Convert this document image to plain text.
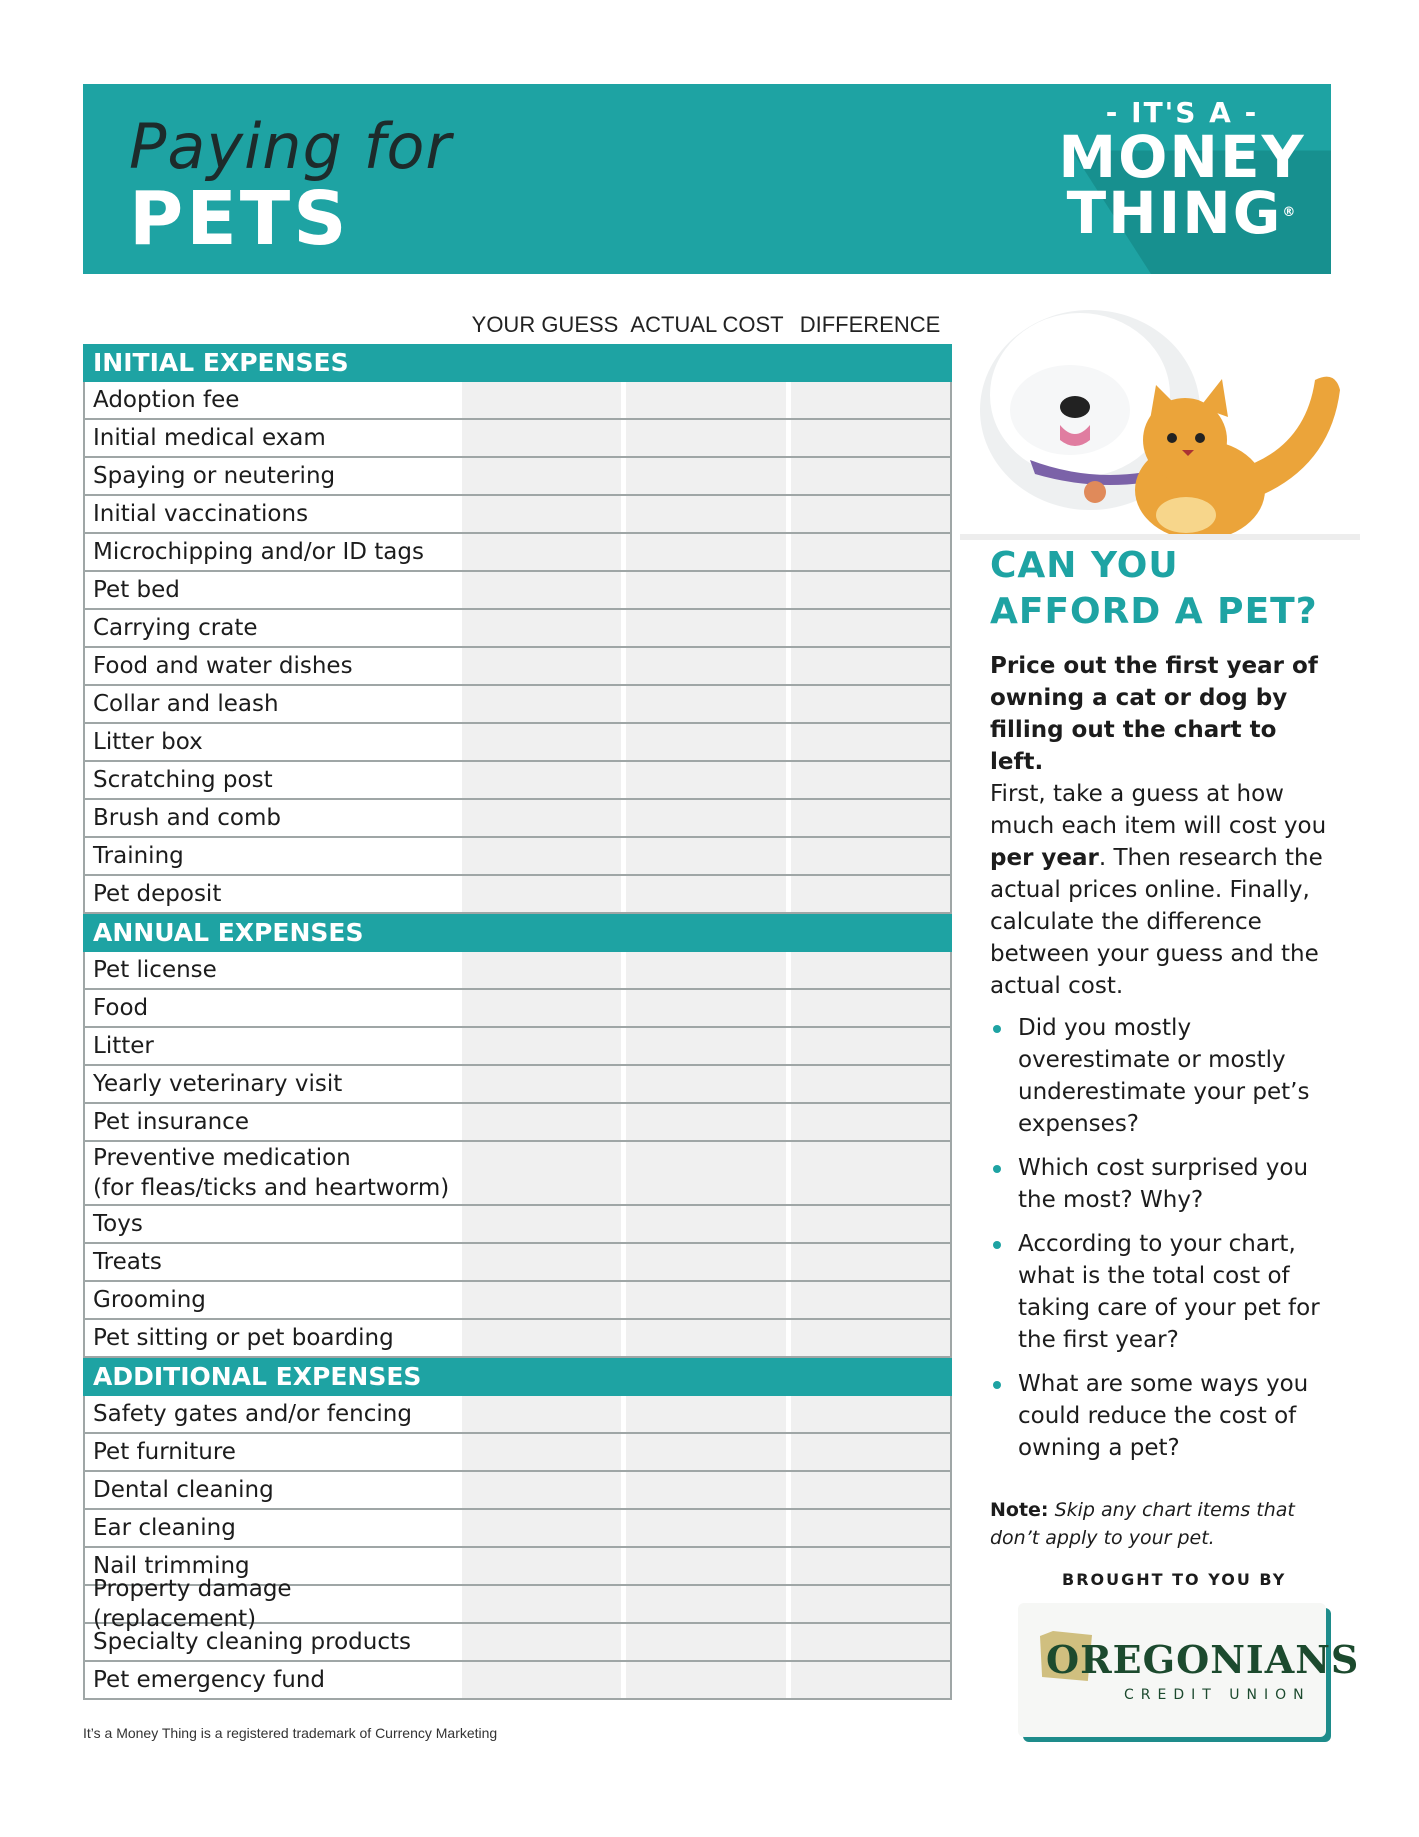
Paying for
PETS
- IT'S A -
MONEY
THING®
YOUR GUESS ACTUAL COST DIFFERENCE
INITIAL EXPENSES
Adoption fee
Initial medical exam
Spaying or neutering
Initial vaccinations
Microchipping and/or ID tags
Pet bed
Carrying crate
Food and water dishes
Collar and leash
Litter box
Scratching post
Brush and comb
Training
Pet deposit
ANNUAL EXPENSES
Pet license
Food
Litter
Yearly veterinary visit
Pet insurance
Preventive medication
(for fleas/ticks and heartworm)
Toys
Treats
Grooming
Pet sitting or pet boarding
ADDITIONAL EXPENSES
Safety gates and/or fencing
Pet furniture
Dental cleaning
Ear cleaning
Nail trimming
Property damage (replacement)
Specialty cleaning products
Pet emergency fund
CAN YOU
AFFORD A PET?
Price out the first year of owning a cat or dog by filling out the chart to left.
First, take a guess at how much each item will cost you per year. Then research the actual prices online. Finally, calculate the difference between your guess and the actual cost.
Did you mostly overestimate or mostly underestimate your pet’s expenses?
Which cost surprised you the most? Why?
According to your chart, what is the total cost of taking care of your pet for the first year?
What are some ways you could reduce the cost of owning a pet?
Note: Skip any chart items that don’t apply to your pet.
BROUGHT TO YOU BY
OREGONIANS
CREDIT UNION
It’s a Money Thing is a registered trademark of Currency Marketing
